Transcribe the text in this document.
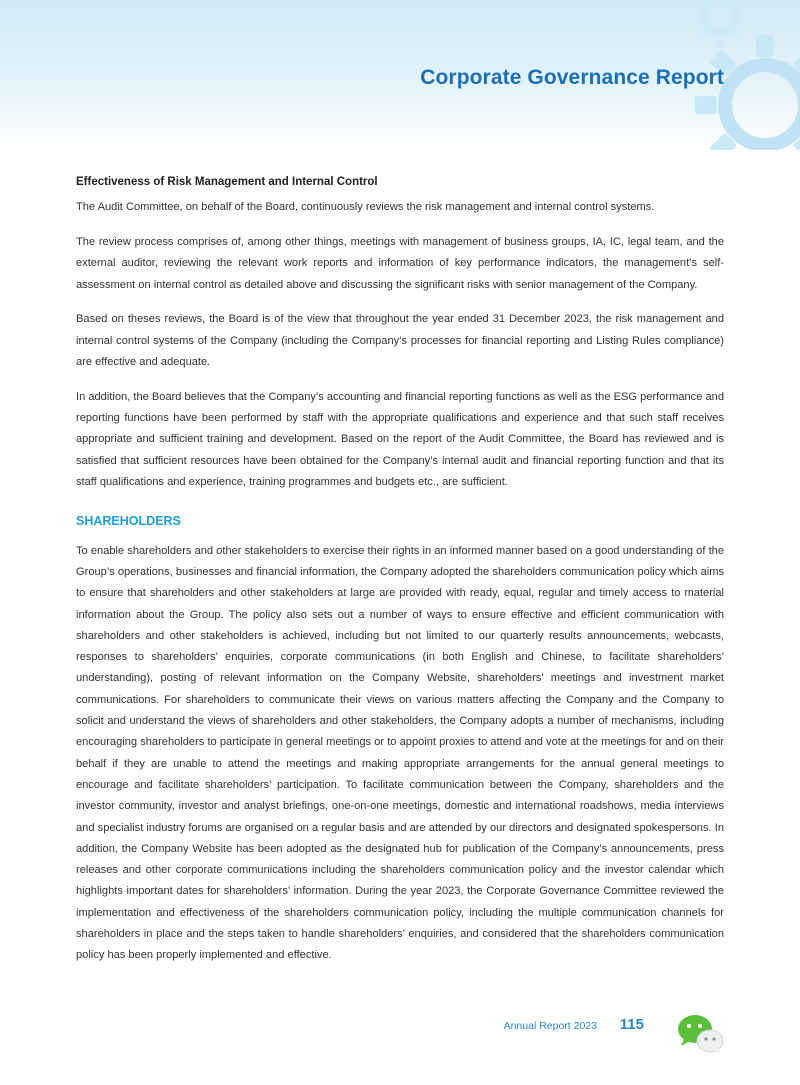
Corporate Governance Report
Effectiveness of Risk Management and Internal Control

The Audit Committee, on behalf of the Board, continuously reviews the risk management and internal control systems.

The review process comprises of, among other things, meetings with management of business groups, IA, IC, legal team, and the external auditor, reviewing the relevant work reports and information of key performance indicators, the management’s self-assessment on internal control as detailed above and discussing the significant risks with senior management of the Company.

Based on theses reviews, the Board is of the view that throughout the year ended 31 December 2023, the risk management and internal control systems of the Company (including the Company’s processes for financial reporting and Listing Rules compliance) are effective and adequate.

In addition, the Board believes that the Company’s accounting and financial reporting functions as well as the ESG performance and reporting functions have been performed by staff with the appropriate qualifications and experience and that such staff receives appropriate and sufficient training and development. Based on the report of the Audit Committee, the Board has reviewed and is satisfied that sufficient resources have been obtained for the Company’s internal audit and financial reporting function and that its staff qualifications and experience, training programmes and budgets etc., are sufficient.

SHAREHOLDERS

To enable shareholders and other stakeholders to exercise their rights in an informed manner based on a good understanding of the Group’s operations, businesses and financial information, the Company adopted the shareholders communication policy which aims to ensure that shareholders and other stakeholders at large are provided with ready, equal, regular and timely access to material information about the Group. The policy also sets out a number of ways to ensure effective and efficient communication with shareholders and other stakeholders is achieved, including but not limited to our quarterly results announcements, webcasts, responses to shareholders’ enquiries, corporate communications (in both English and Chinese, to facilitate shareholders’ understanding), posting of relevant information on the Company Website, shareholders’ meetings and investment market communications. For shareholders to communicate their views on various matters affecting the Company and the Company to solicit and understand the views of shareholders and other stakeholders, the Company adopts a number of mechanisms, including encouraging shareholders to participate in general meetings or to appoint proxies to attend and vote at the meetings for and on their behalf if they are unable to attend the meetings and making appropriate arrangements for the annual general meetings to encourage and facilitate shareholders’ participation. To facilitate communication between the Company, shareholders and the investor community, investor and analyst briefings, one-on-one meetings, domestic and international roadshows, media interviews and specialist industry forums are organised on a regular basis and are attended by our directors and designated spokespersons. In addition, the Company Website has been adopted as the designated hub for publication of the Company’s announcements, press releases and other corporate communications including the shareholders communication policy and the investor calendar which highlights important dates for shareholders’ information. During the year 2023, the Corporate Governance Committee reviewed the implementation and effectiveness of the shareholders communication policy, including the multiple communication channels for shareholders in place and the steps taken to handle shareholders’ enquiries, and considered that the shareholders communication policy has been properly implemented and effective.

Annual Report 2023 115
